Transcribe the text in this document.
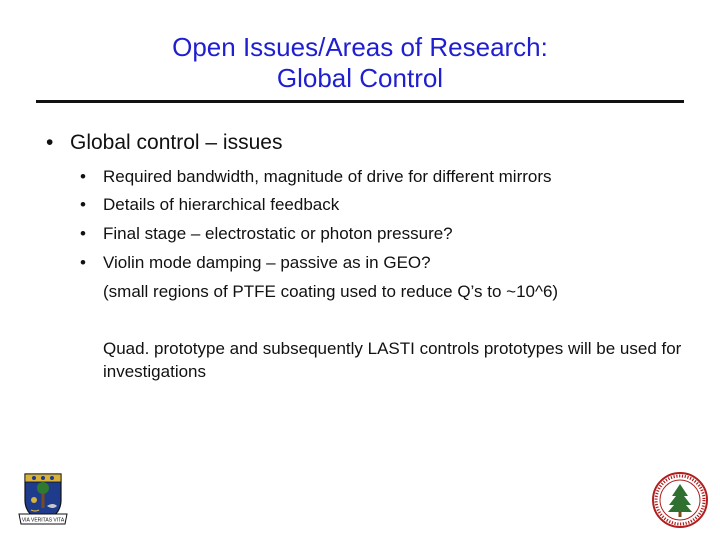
Open Issues/Areas of Research:
Global Control
• Global control – issues
• Required bandwidth, magnitude of drive for different mirrors
• Details of hierarchical feedback
• Final stage – electrostatic or photon pressure?
• Violin mode damping – passive as in GEO?
(small regions of PTFE coating used to reduce Q’s to ~10^6)
Quad. prototype and subsequently LASTI controls prototypes will be used for investigations
VIA VERITAS VITA
